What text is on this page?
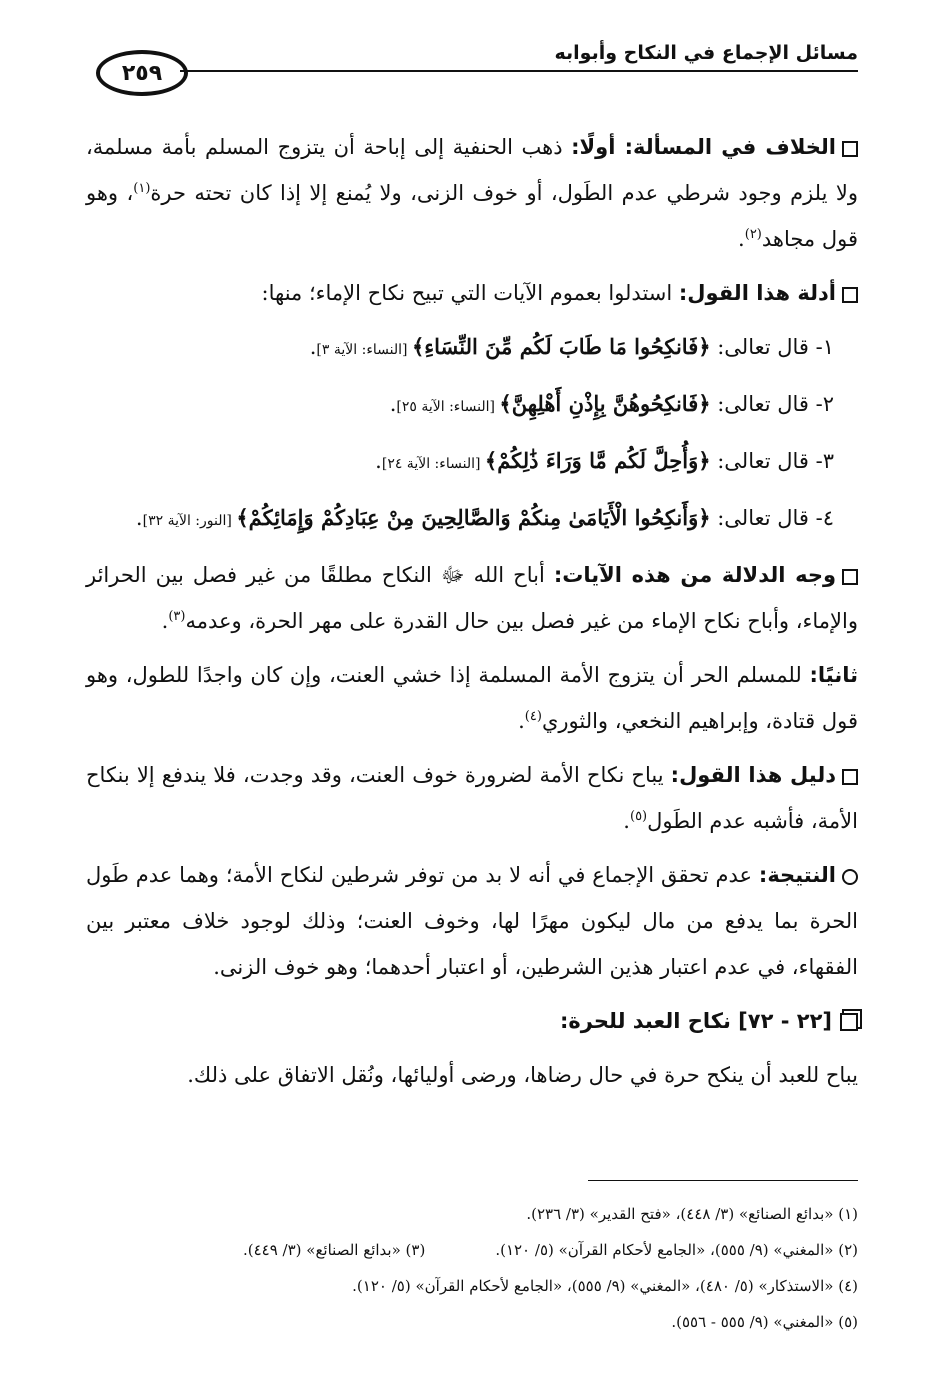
مسائل الإجماع في النكاح وأبوابه
٢٥٩

الخلاف في المسألة: أولًا: ذهب الحنفية إلى إباحة أن يتزوج المسلم بأمة مسلمة، ولا يلزم وجود شرطي عدم الطَول، أو خوف الزنى، ولا يُمنع إلا إذا كان تحته حرة$^{(١)}$، وهو قول مجاهد$^{(٢)}$.

أدلة هذا القول: استدلوا بعموم الآيات التي تبيح نكاح الإماء؛ منها:

١- قال تعالى: ﴿فَانكِحُوا مَا طَابَ لَكُم مِّنَ النِّسَاءِ﴾ [النساء: الآية ٣].

٢- قال تعالى: ﴿فَانكِحُوهُنَّ بِإِذْنِ أَهْلِهِنَّ﴾ [النساء: الآية ٢٥].

٣- قال تعالى: ﴿وَأُحِلَّ لَكُم مَّا وَرَاءَ ذَٰلِكُمْ﴾ [النساء: الآية ٢٤].

٤- قال تعالى: ﴿وَأَنكِحُوا الْأَيَامَىٰ مِنكُمْ وَالصَّالِحِينَ مِنْ عِبَادِكُمْ وَإِمَائِكُمْ﴾ [النور: الآية ٣٢].

وجه الدلالة من هذه الآيات: أباح الله ﷻ النكاح مطلقًا من غير فصل بين الحرائر والإماء، وأباح نكاح الإماء من غير فصل بين حال القدرة على مهر الحرة، وعدمه$^{(٣)}$.

ثانيًا: للمسلم الحر أن يتزوج الأمة المسلمة إذا خشي العنت، وإن كان واجدًا للطول، وهو قول قتادة، وإبراهيم النخعي، والثوري$^{(٤)}$.

دليل هذا القول: يباح نكاح الأمة لضرورة خوف العنت، وقد وجدت، فلا يندفع إلا بنكاح الأمة، فأشبه عدم الطَول$^{(٥)}$.

النتيجة: عدم تحقق الإجماع في أنه لا بد من توفر شرطين لنكاح الأمة؛ وهما عدم طَول الحرة بما يدفع من مال ليكون مهرًا لها، وخوف العنت؛ وذلك لوجود خلاف معتبر بين الفقهاء، في عدم اعتبار هذين الشرطين، أو اعتبار أحدهما؛ وهو خوف الزنى.

[٢٢ - ٧٢] نكاح العبد للحرة:

يباح للعبد أن ينكح حرة في حال رضاها، ورضى أوليائها، ونُقل الاتفاق على ذلك.

(١) «بدائع الصنائع» (٣/ ٤٤٨)، «فتح القدير» (٣/ ٢٣٦).
(٢) «المغني» (٩/ ٥٥٥)، «الجامع لأحكام القرآن» (٥/ ١٢٠).
(٣) «بدائع الصنائع» (٣/ ٤٤٩).
(٤) «الاستذكار» (٥/ ٤٨٠)، «المغني» (٩/ ٥٥٥)، «الجامع لأحكام القرآن» (٥/ ١٢٠).
(٥) «المغني» (٩/ ٥٥٥ - ٥٥٦).
